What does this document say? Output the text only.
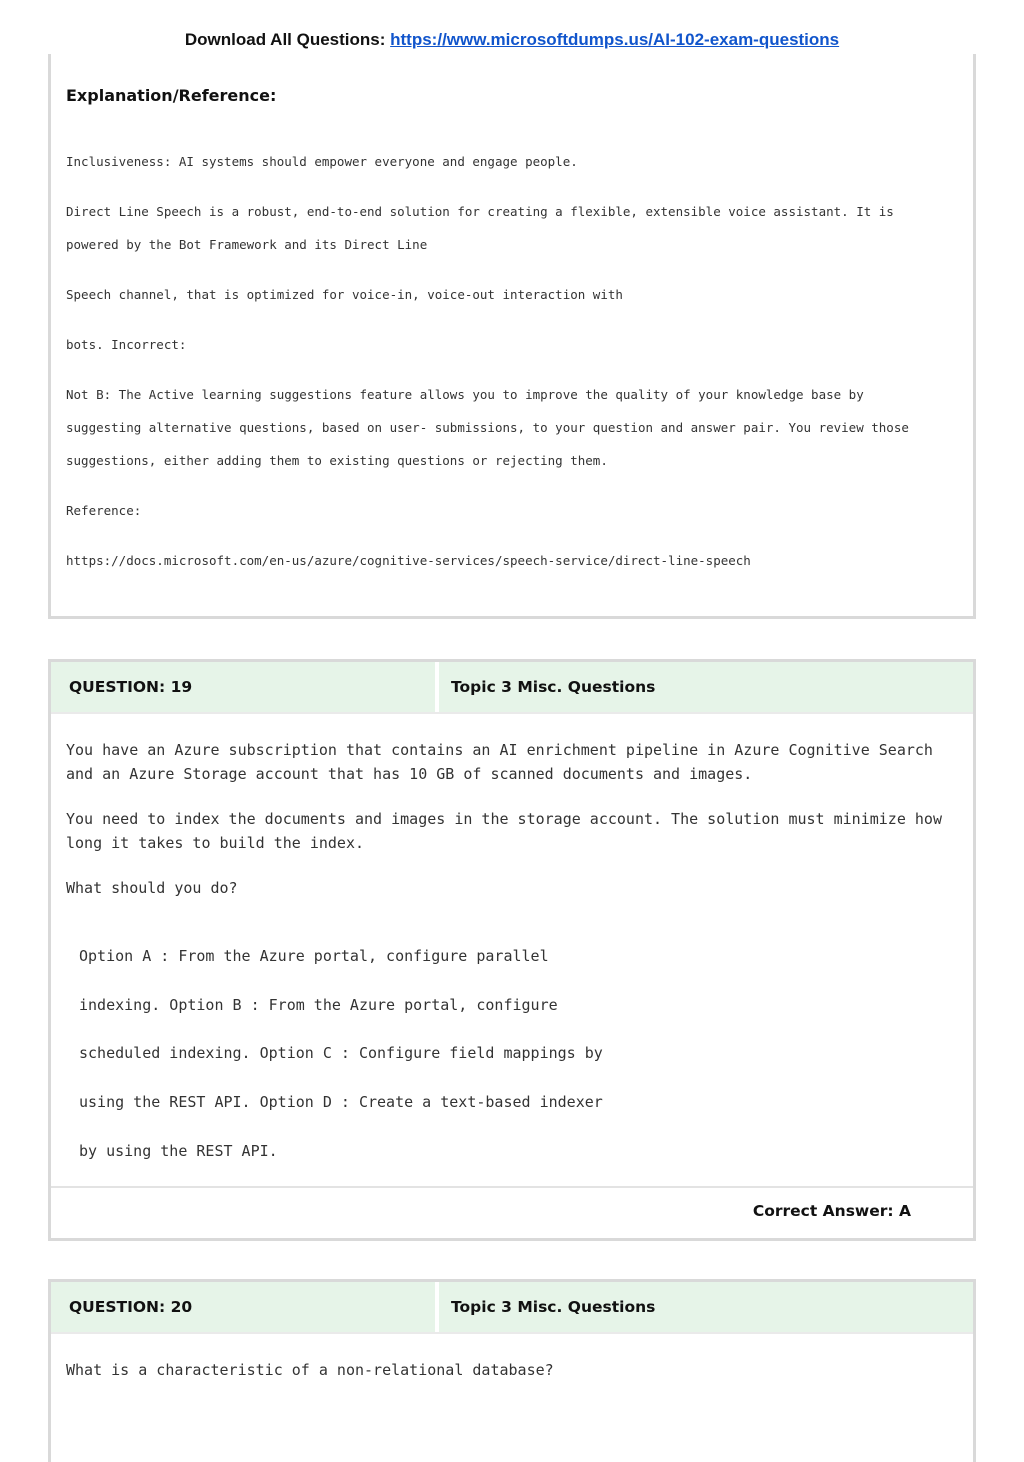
Download All Questions: https://www.microsoftdumps.us/AI-102-exam-questions
Explanation/Reference:
Inclusiveness: AI systems should empower everyone and engage people.
Direct Line Speech is a robust, end-to-end solution for creating a flexible, extensible voice assistant. It is
powered by the Bot Framework and its Direct Line
Speech channel, that is optimized for voice-in, voice-out interaction with
bots. Incorrect:
Not B: The Active learning suggestions feature allows you to improve the quality of your knowledge base by
suggesting alternative questions, based on user- submissions, to your question and answer pair. You review those
suggestions, either adding them to existing questions or rejecting them.
Reference:
https://docs.microsoft.com/en-us/azure/cognitive-services/speech-service/direct-line-speech
QUESTION: 19	Topic 3 Misc. Questions
You have an Azure subscription that contains an AI enrichment pipeline in Azure Cognitive Search and an Azure Storage account that has 10 GB of scanned documents and images.
You need to index the documents and images in the storage account. The solution must minimize how long it takes to build the index.
What should you do?
Option A : From the Azure portal, configure parallel
indexing. Option B : From the Azure portal, configure
scheduled indexing. Option C : Configure field mappings by
using the REST API. Option D : Create a text-based indexer
by using the REST API.
Correct Answer: A
QUESTION: 20	Topic 3 Misc. Questions
What is a characteristic of a non-relational database?
